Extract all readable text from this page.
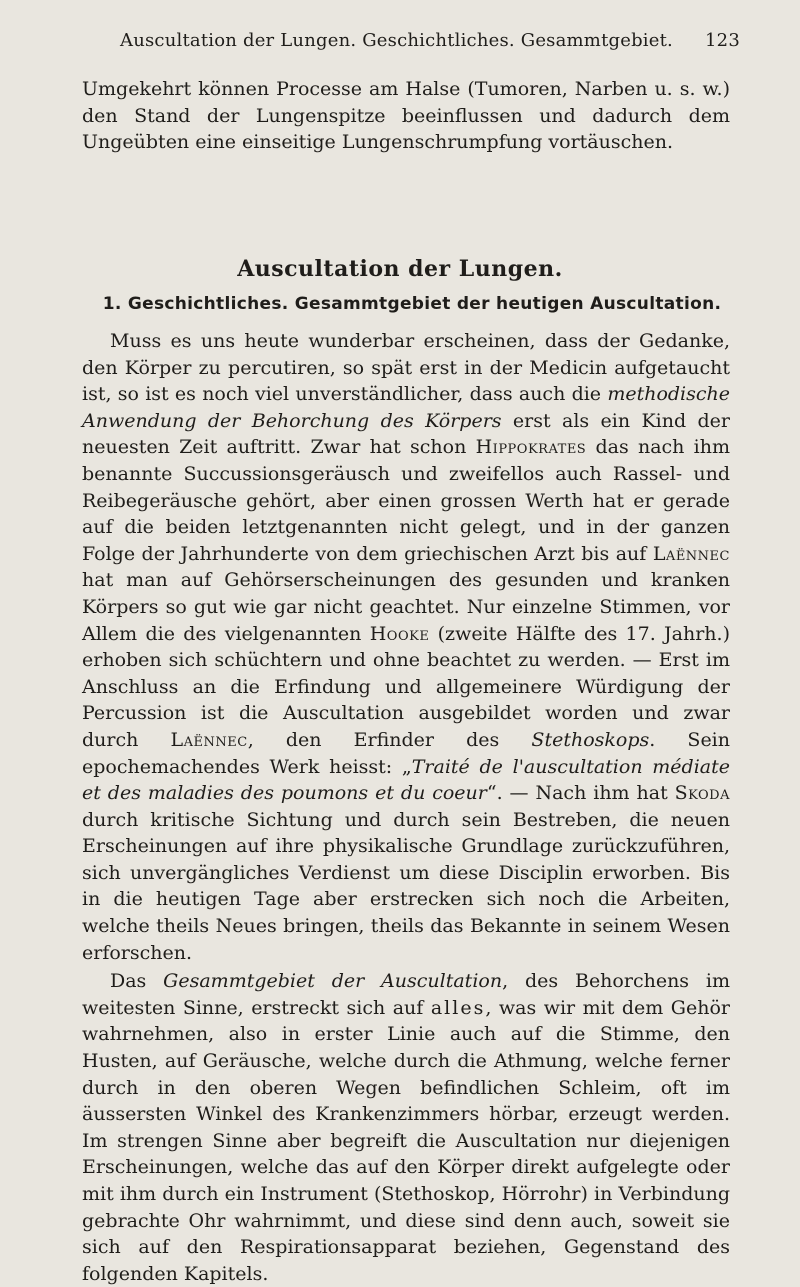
Auscultation der Lungen. Geschichtliches. Gesammtgebiet. 123

Umgekehrt können Processe am Halse (Tumoren, Narben u. s. w.) den Stand der Lungenspitze beeinflussen und dadurch dem Ungeübten eine einseitige Lungenschrumpfung vortäuschen.

Auscultation der Lungen.
1. Geschichtliches. Gesammtgebiet der heutigen Auscultation.

Muss es uns heute wunderbar erscheinen, dass der Gedanke, den Körper zu percutiren, so spät erst in der Medicin aufgetaucht ist, so ist es noch viel unverständlicher, dass auch die methodische Anwendung der Behorchung des Körpers erst als ein Kind der neuesten Zeit auftritt. Zwar hat schon Hippokrates das nach ihm benannte Succussionsgeräusch und zweifellos auch Rassel- und Reibegeräusche gehört, aber einen grossen Werth hat er gerade auf die beiden letztgenannten nicht gelegt, und in der ganzen Folge der Jahrhunderte von dem griechischen Arzt bis auf Laënnec hat man auf Gehörserscheinungen des gesunden und kranken Körpers so gut wie gar nicht geachtet. Nur einzelne Stimmen, vor Allem die des vielgenannten Hooke (zweite Hälfte des 17. Jahrh.) erhoben sich schüchtern und ohne beachtet zu werden. — Erst im Anschluss an die Erfindung und allgemeinere Würdigung der Percussion ist die Auscultation ausgebildet worden und zwar durch Laënnec, den Erfinder des Stethoskops. Sein epochemachendes Werk heisst: „Traité de l'auscultation médiate et des maladies des poumons et du coeur“. — Nach ihm hat Skoda durch kritische Sichtung und durch sein Bestreben, die neuen Erscheinungen auf ihre physikalische Grundlage zurückzuführen, sich unvergängliches Verdienst um diese Disciplin erworben. Bis in die heutigen Tage aber erstrecken sich noch die Arbeiten, welche theils Neues bringen, theils das Bekannte in seinem Wesen erforschen.

Das Gesammtgebiet der Auscultation, des Behorchens im weitesten Sinne, erstreckt sich auf alles, was wir mit dem Gehör wahrnehmen, also in erster Linie auch auf die Stimme, den Husten, auf Geräusche, welche durch die Athmung, welche ferner durch in den oberen Wegen befindlichen Schleim, oft im äussersten Winkel des Krankenzimmers hörbar, erzeugt werden. Im strengen Sinne aber begreift die Auscultation nur diejenigen Erscheinungen, welche das auf den Körper direkt aufgelegte oder mit ihm durch ein Instrument (Stethoskop, Hörrohr) in Verbindung gebrachte Ohr wahrnimmt, und diese sind denn auch, soweit sie sich auf den Respirationsapparat beziehen, Gegenstand des folgenden Kapitels.
